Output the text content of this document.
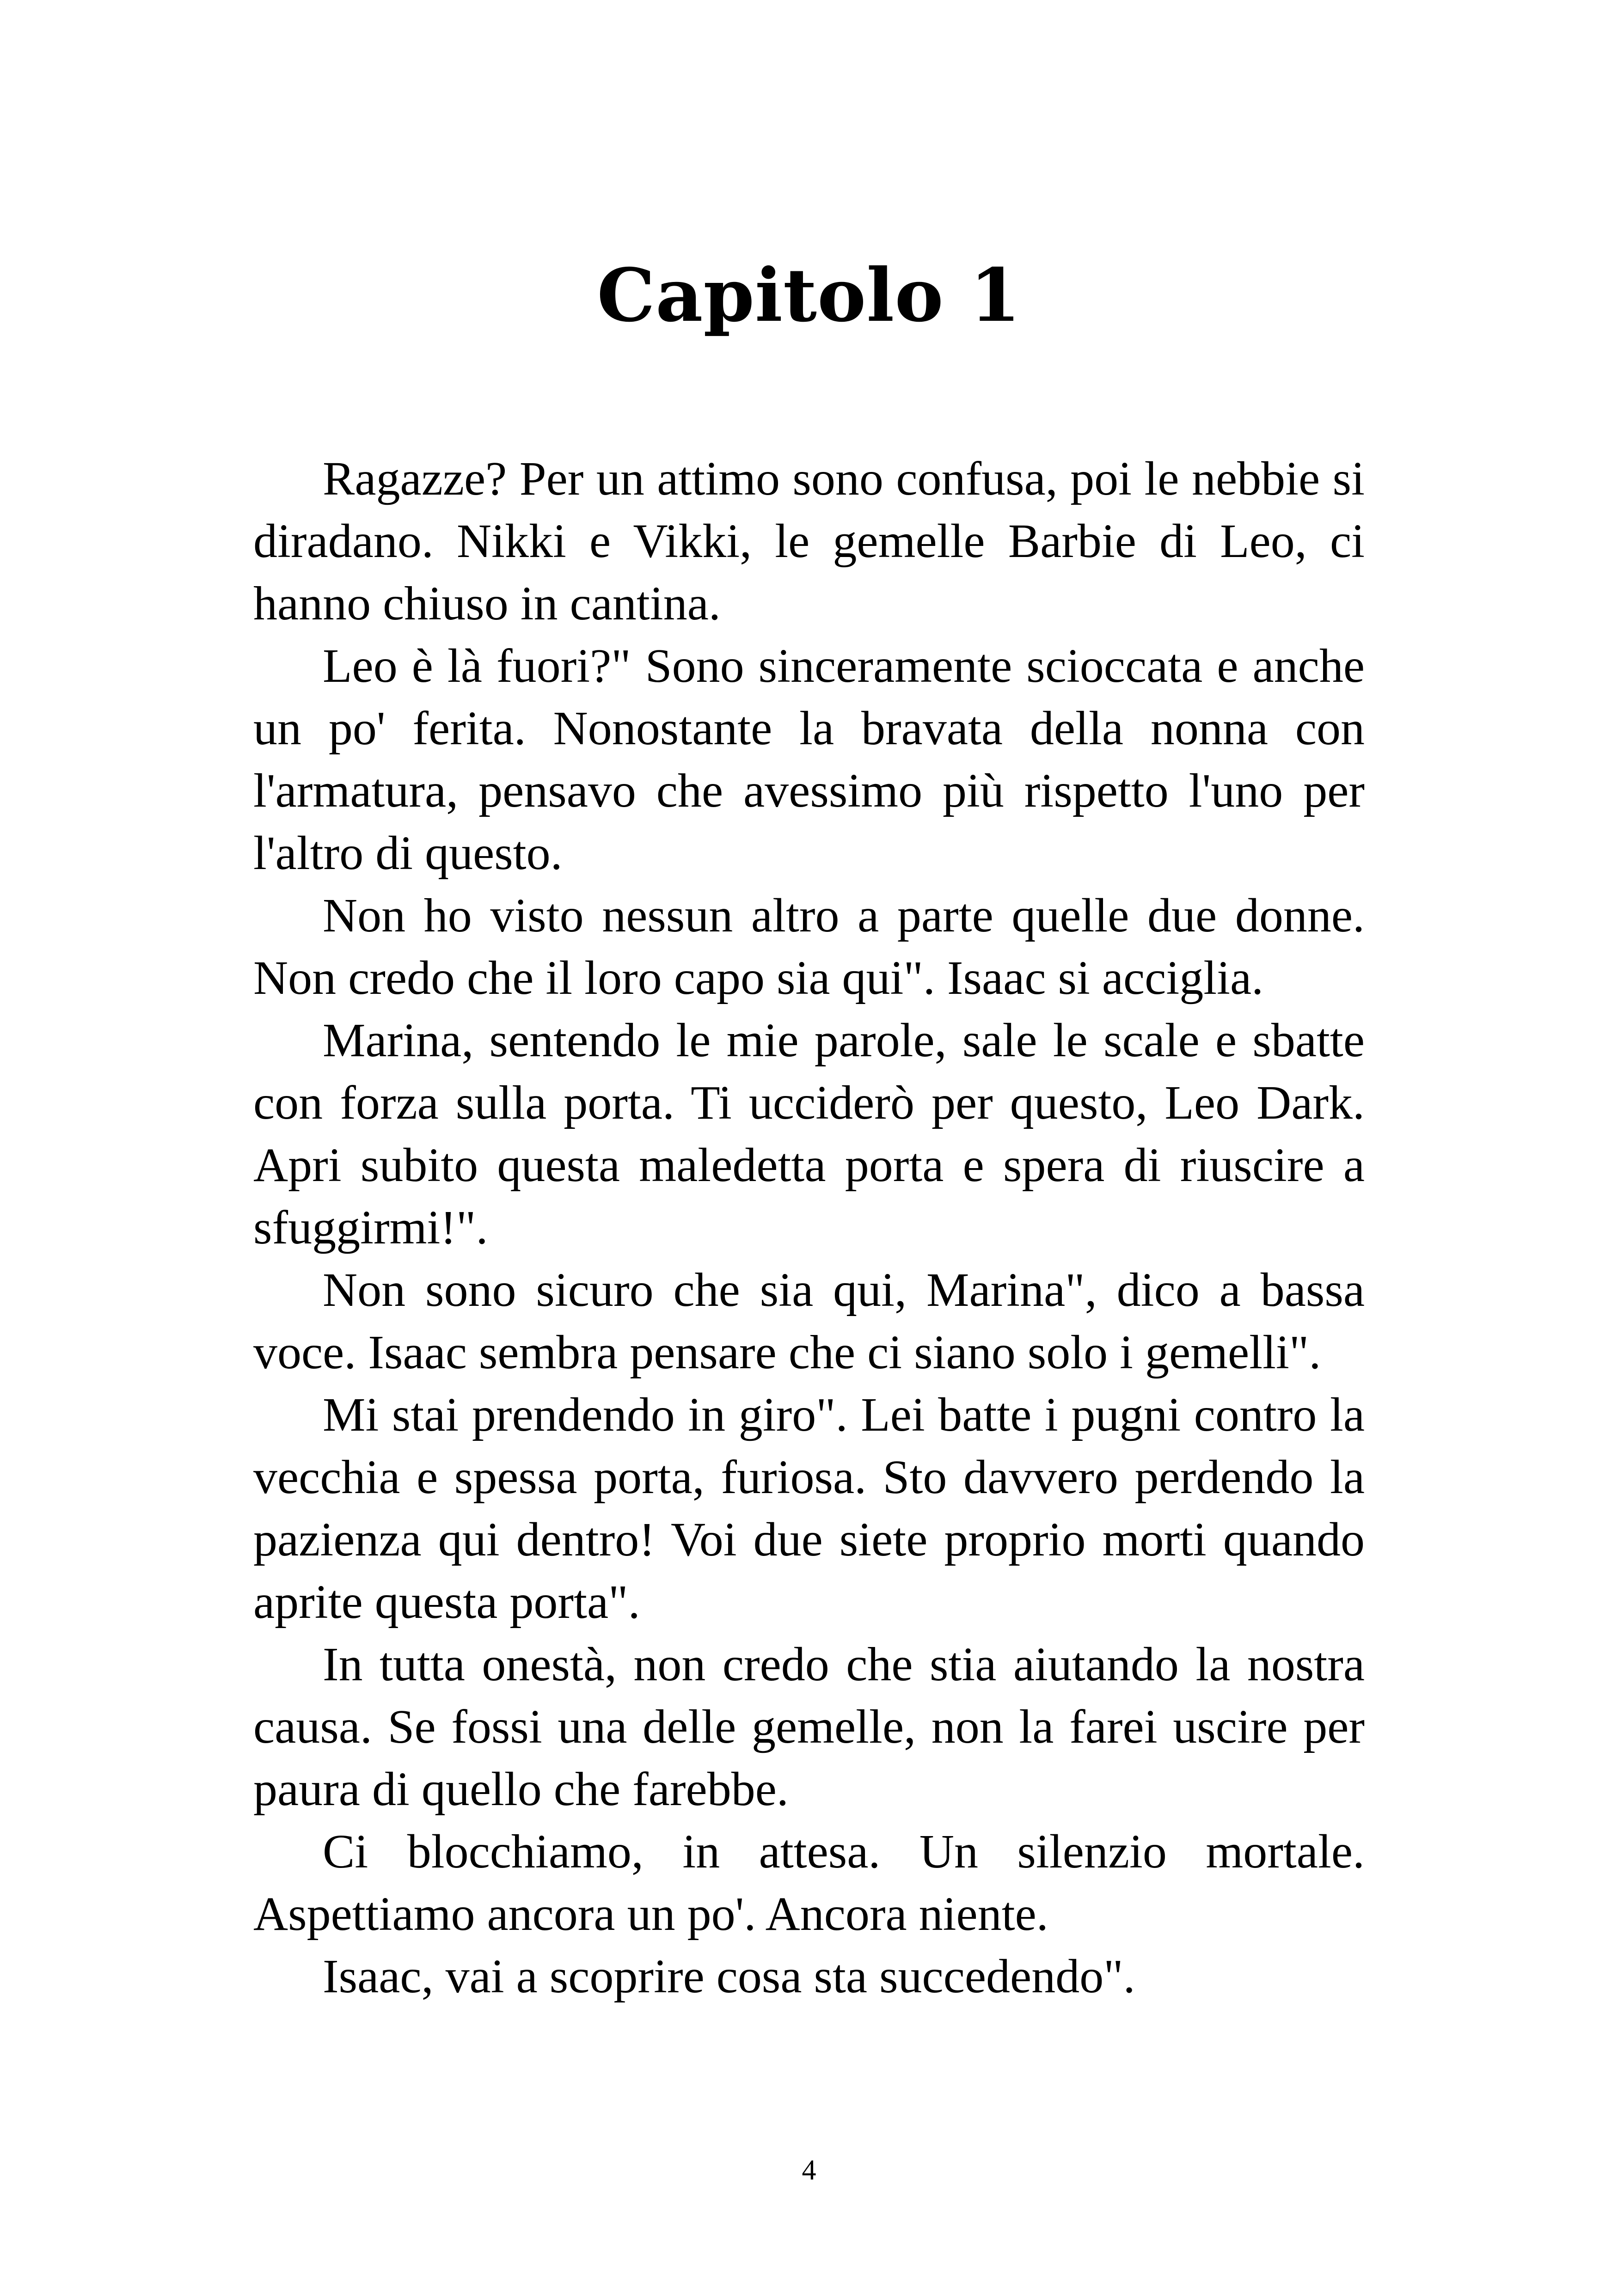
Capitolo 1

Ragazze? Per un attimo sono confusa, poi le nebbie si diradano. Nikki e Vikki, le gemelle Barbie di Leo, ci hanno chiuso in cantina.

Leo è là fuori?" Sono sinceramente scioccata e anche un po' ferita. Nonostante la bravata della nonna con l'armatura, pensavo che avessimo più rispetto l'uno per l'altro di questo.

Non ho visto nessun altro a parte quelle due donne. Non credo che il loro capo sia qui". Isaac si acciglia.

Marina, sentendo le mie parole, sale le scale e sbatte con forza sulla porta. Ti ucciderò per questo, Leo Dark. Apri subito questa maledetta porta e spera di riuscire a sfuggirmi!".

Non sono sicuro che sia qui, Marina", dico a bassa voce. Isaac sembra pensare che ci siano solo i gemelli".

Mi stai prendendo in giro". Lei batte i pugni contro la vecchia e spessa porta, furiosa. Sto davvero perdendo la pazienza qui dentro! Voi due siete proprio morti quando aprite questa porta".

In tutta onestà, non credo che stia aiutando la nostra causa. Se fossi una delle gemelle, non la farei uscire per paura di quello che farebbe.

Ci blocchiamo, in attesa. Un silenzio mortale. Aspettiamo ancora un po'. Ancora niente.

Isaac, vai a scoprire cosa sta succedendo".

4
